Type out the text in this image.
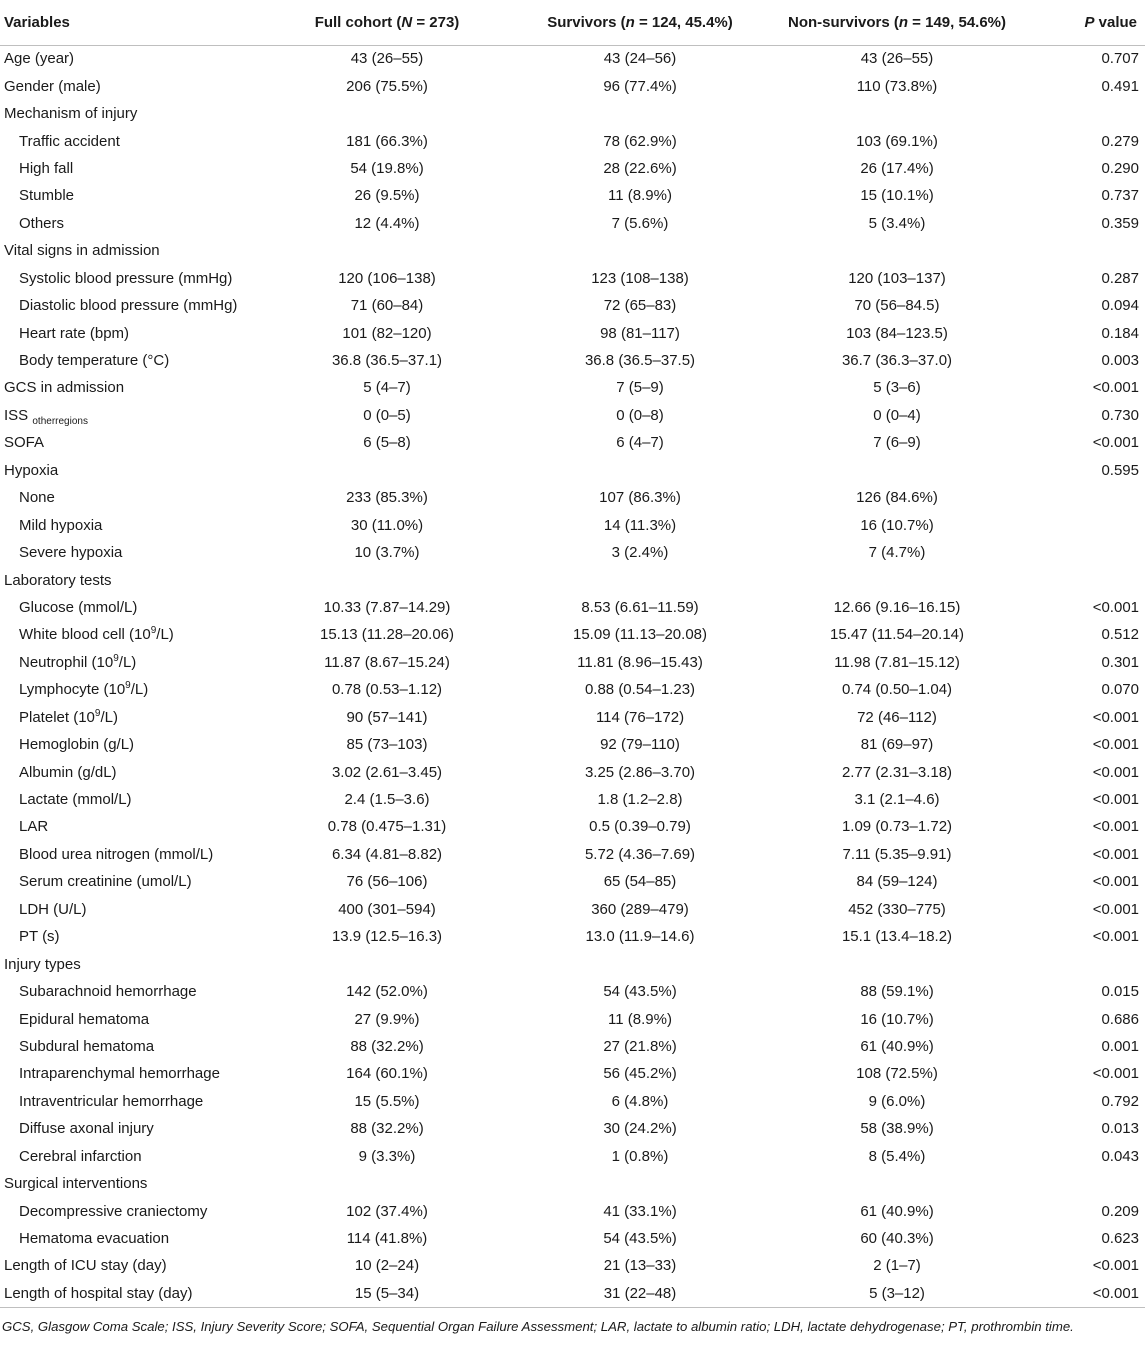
Variables	Full cohort (N = 273)	Survivors (n = 124, 45.4%)	Non-survivors (n = 149, 54.6%)	P value
Age (year)	43 (26–55)	43 (24–56)	43 (26–55)	0.707
Gender (male)	206 (75.5%)	96 (77.4%)	110 (73.8%)	0.491
Mechanism of injury				
Traffic accident	181 (66.3%)	78 (62.9%)	103 (69.1%)	0.279
High fall	54 (19.8%)	28 (22.6%)	26 (17.4%)	0.290
Stumble	26 (9.5%)	11 (8.9%)	15 (10.1%)	0.737
Others	12 (4.4%)	7 (5.6%)	5 (3.4%)	0.359
Vital signs in admission				
Systolic blood pressure (mmHg)	120 (106–138)	123 (108–138)	120 (103–137)	0.287
Diastolic blood pressure (mmHg)	71 (60–84)	72 (65–83)	70 (56–84.5)	0.094
Heart rate (bpm)	101 (82–120)	98 (81–117)	103 (84–123.5)	0.184
Body temperature (°C)	36.8 (36.5–37.1)	36.8 (36.5–37.5)	36.7 (36.3–37.0)	0.003
GCS in admission	5 (4–7)	7 (5–9)	5 (3–6)	<0.001
ISS $_{otherregions}$	0 (0–5)	0 (0–8)	0 (0–4)	0.730
SOFA	6 (5–8)	6 (4–7)	7 (6–9)	<0.001
Hypoxia				0.595
None	233 (85.3%)	107 (86.3%)	126 (84.6%)	
Mild hypoxia	30 (11.0%)	14 (11.3%)	16 (10.7%)	
Severe hypoxia	10 (3.7%)	3 (2.4%)	7 (4.7%)	
Laboratory tests				
Glucose (mmol/L)	10.33 (7.87–14.29)	8.53 (6.61–11.59)	12.66 (9.16–16.15)	<0.001
White blood cell $(10^9/L)$	15.13 (11.28–20.06)	15.09 (11.13–20.08)	15.47 (11.54–20.14)	0.512
Neutrophil $(10^9/L)$	11.87 (8.67–15.24)	11.81 (8.96–15.43)	11.98 (7.81–15.12)	0.301
Lymphocyte $(10^9/L)$	0.78 (0.53–1.12)	0.88 (0.54–1.23)	0.74 (0.50–1.04)	0.070
Platelet $(10^9/L)$	90 (57–141)	114 (76–172)	72 (46–112)	<0.001
Hemoglobin (g/L)	85 (73–103)	92 (79–110)	81 (69–97)	<0.001
Albumin (g/dL)	3.02 (2.61–3.45)	3.25 (2.86–3.70)	2.77 (2.31–3.18)	<0.001
Lactate (mmol/L)	2.4 (1.5–3.6)	1.8 (1.2–2.8)	3.1 (2.1–4.6)	<0.001
LAR	0.78 (0.475–1.31)	0.5 (0.39–0.79)	1.09 (0.73–1.72)	<0.001
Blood urea nitrogen (mmol/L)	6.34 (4.81–8.82)	5.72 (4.36–7.69)	7.11 (5.35–9.91)	<0.001
Serum creatinine (umol/L)	76 (56–106)	65 (54–85)	84 (59–124)	<0.001
LDH (U/L)	400 (301–594)	360 (289–479)	452 (330–775)	<0.001
PT (s)	13.9 (12.5–16.3)	13.0 (11.9–14.6)	15.1 (13.4–18.2)	<0.001
Injury types				
Subarachnoid hemorrhage	142 (52.0%)	54 (43.5%)	88 (59.1%)	0.015
Epidural hematoma	27 (9.9%)	11 (8.9%)	16 (10.7%)	0.686
Subdural hematoma	88 (32.2%)	27 (21.8%)	61 (40.9%)	0.001
Intraparenchymal hemorrhage	164 (60.1%)	56 (45.2%)	108 (72.5%)	<0.001
Intraventricular hemorrhage	15 (5.5%)	6 (4.8%)	9 (6.0%)	0.792
Diffuse axonal injury	88 (32.2%)	30 (24.2%)	58 (38.9%)	0.013
Cerebral infarction	9 (3.3%)	1 (0.8%)	8 (5.4%)	0.043
Surgical interventions				
Decompressive craniectomy	102 (37.4%)	41 (33.1%)	61 (40.9%)	0.209
Hematoma evacuation	114 (41.8%)	54 (43.5%)	60 (40.3%)	0.623
Length of ICU stay (day)	10 (2–24)	21 (13–33)	2 (1–7)	<0.001
Length of hospital stay (day)	15 (5–34)	31 (22–48)	5 (3–12)	<0.001
GCS, Glasgow Coma Scale; ISS, Injury Severity Score; SOFA, Sequential Organ Failure Assessment; LAR, lactate to albumin ratio; LDH, lactate dehydrogenase; PT, prothrombin time.
